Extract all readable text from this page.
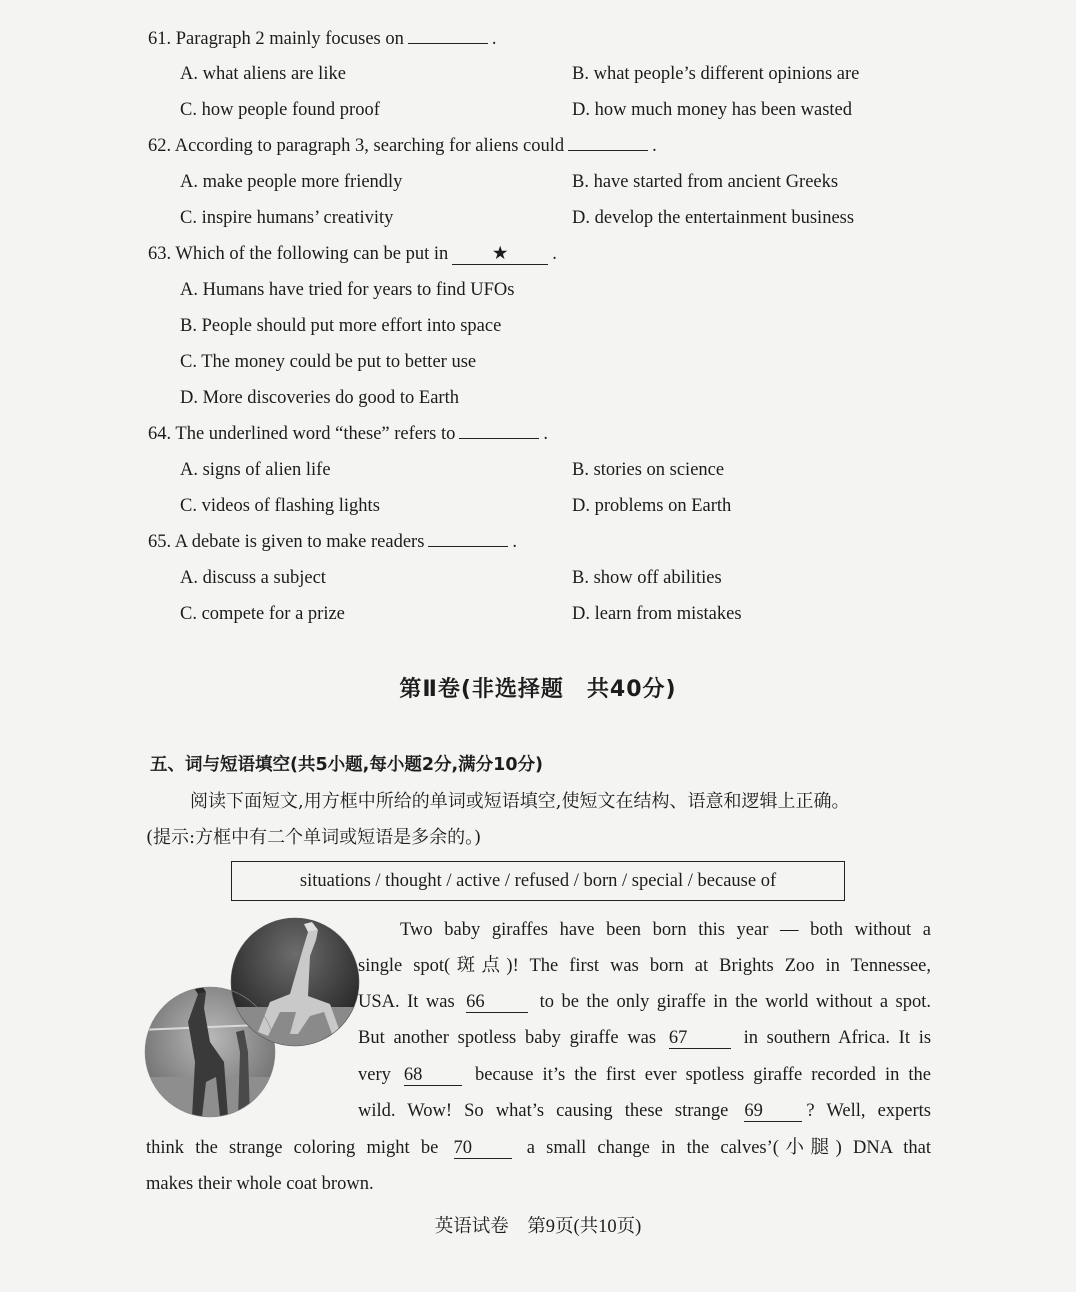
61. Paragraph 2 mainly focuses on	.
A. what aliens are like	B. what people’s different opinions are
C. how people found proof	D. how much money has been wasted
62. According to paragraph 3, searching for aliens could	.
A. make people more friendly	B. have started from ancient Greeks
C. inspire humans’ creativity	D. develop the entertainment business
63. Which of the following can be put in ★ .
A. Humans have tried for years to find UFOs
B. People should put more effort into space
C. The money could be put to better use
D. More discoveries do good to Earth
64. The underlined word “these” refers to	.
A. signs of alien life	B. stories on science
C. videos of flashing lights	D. problems on Earth
65. A debate is given to make readers	.
A. discuss a subject	B. show off abilities
C. compete for a prize	D. learn from mistakes
第Ⅱ卷(非选择题　共40分)
五、词与短语填空(共5小题,每小题2分,满分10分)
阅读下面短文,用方框中所给的单词或短语填空,使短文在结构、语意和逻辑上正确。
(提示:方框中有二个单词或短语是多余的。)
situations / thought / active / refused / born / special / because of
Two baby giraffes have been born this year — both without a
single spot(斑点)! The first was born at Brights Zoo in Tennessee,
USA. It was 66	to be the only giraffe in the world without a spot.
But another spotless baby giraffe was 67	in southern Africa. It is
very 68	because it’s the first ever spotless giraffe recorded in the
wild. Wow! So what’s causing these strange 69 ? Well, experts
think the strange coloring might be 70	a small change in the calves’(小腿) DNA that
makes their whole coat brown.
英语试卷　第9页(共10页)
